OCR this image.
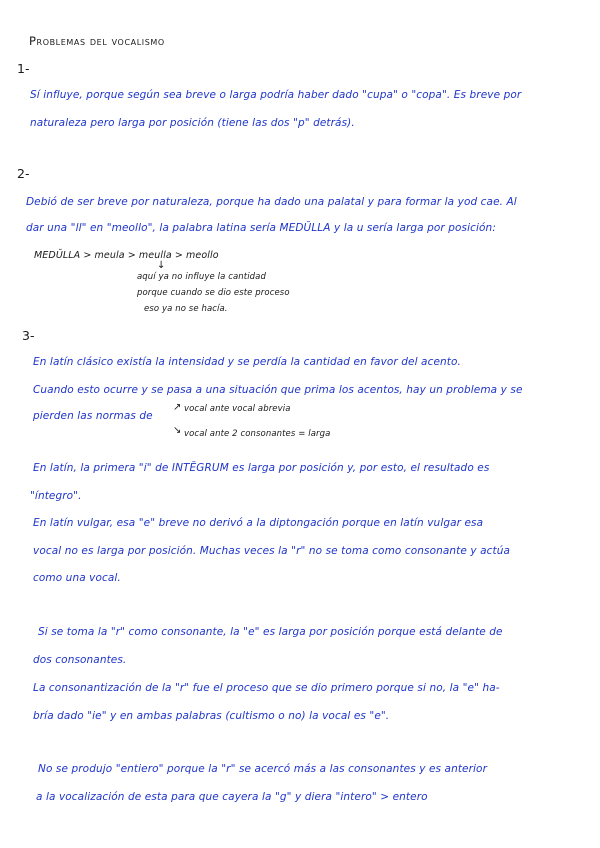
Problemas del vocalismo
1-
Sí influye, porque según sea breve o larga podría haber dado "cupa" o "copa". Es breve por
naturaleza pero larga por posición (tiene las dos "p" detrás).
2-
Debió de ser breve por naturaleza, porque ha dado una palatal y para formar la yod cae. Al
dar una "ll" en "meollo", la palabra latina sería MEDŬLLA y la u sería larga por posición:
MEDŬLLA > meula > meulla > meollo
↓
aquí ya no influye la cantidad
porque cuando se dio este proceso
eso ya no se hacía.
3-
En latín clásico existía la intensidad y se perdía la cantidad en favor del acento.
Cuando esto ocurre y se pasa a una situación que prima los acentos, hay un problema y se
pierden las normas de
↗ vocal ante vocal abrevia
↘ vocal ante 2 consonantes = larga
En latín, la primera "i" de INTĔGRUM es larga por posición y, por esto, el resultado es
"íntegro".
En latín vulgar, esa "e" breve no derivó a la diptongación porque en latín vulgar esa
vocal no es larga por posición. Muchas veces la "r" no se toma como consonante y actúa
como una vocal.
Si se toma la "r" como consonante, la "e" es larga por posición porque está delante de
dos consonantes.
La consonantización de la "r" fue el proceso que se dio primero porque si no, la "e" ha-
bría dado "ie" y en ambas palabras (cultismo o no) la vocal es "e".
No se produjo "entiero" porque la "r" se acercó más a las consonantes y es anterior
a la vocalización de esta para que cayera la "g" y diera "intero" > entero
